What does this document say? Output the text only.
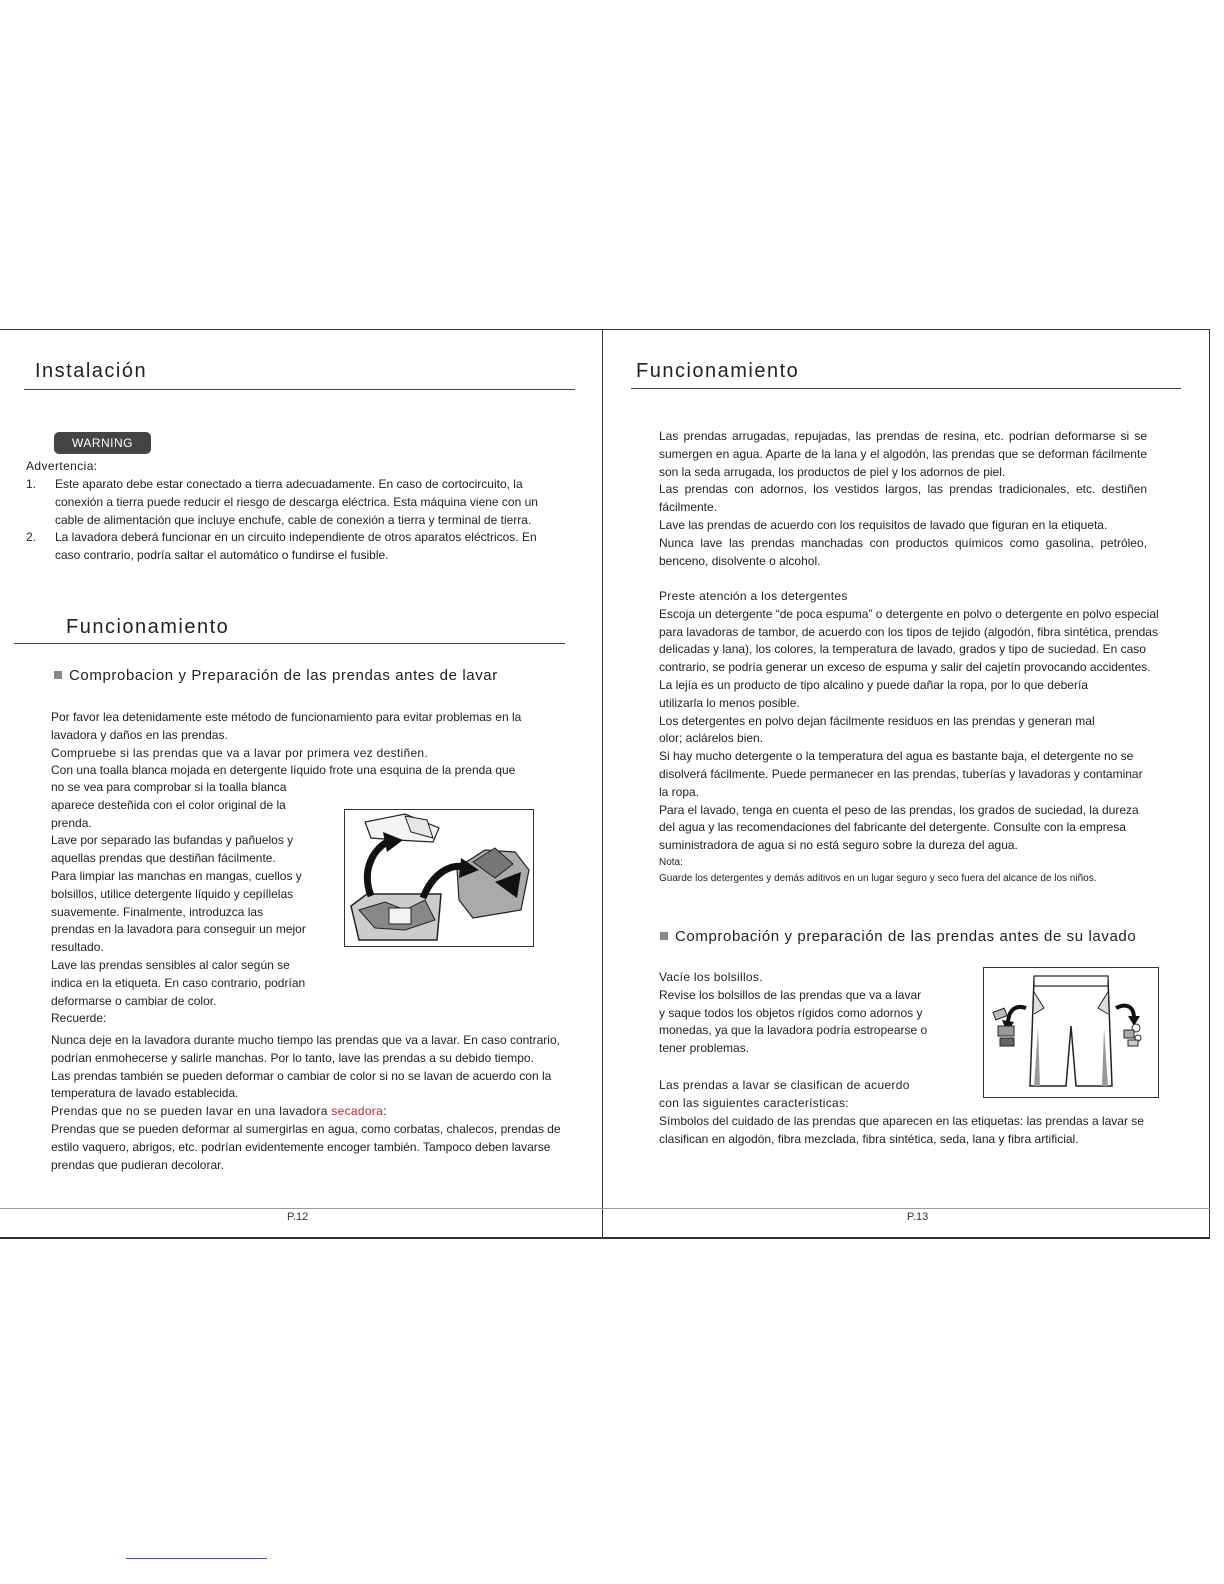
Instalación
WARNING
Advertencia:

1. Este aparato debe estar conectado a tierra adecuadamente. En caso de cortocircuito, la conexión a tierra puede reducir el riesgo de descarga eléctrica. Esta máquina viene con un cable de alimentación que incluye enchufe, cable de conexión a tierra y terminal de tierra.

2. La lavadora deberá funcionar en un circuito independiente de otros aparatos eléctricos. En caso contrario, podría saltar el automático o fundirse el fusible.

Funcionamiento
Comprobacion y Preparación de las prendas antes de lavar

Por favor lea detenidamente este método de funcionamiento para evitar problemas en la lavadora y daños en las prendas.

Compruebe si las prendas que va a lavar por primera vez destiñen.

Con una toalla blanca mojada en detergente líquido frote una esquina de la prenda que

no se vea para comprobar si la toalla blanca aparece desteñida con el color original de la prenda.

Lave por separado las bufandas y pañuelos y aquellas prendas que destiñan fácilmente.

Para limpiar las manchas en mangas, cuellos y bolsillos, utilice detergente líquido y cepíllelas suavemente. Finalmente, introduzca las prendas en la lavadora para conseguir un mejor resultado.

Lave las prendas sensibles al calor según se indica en la etiqueta. En caso contrario, podrían deformarse o cambiar de color.

Recuerde:

Nunca deje en la lavadora durante mucho tiempo las prendas que va a lavar. En caso contrario, podrían enmohecerse y salirle manchas. Por lo tanto, lave las prendas a su debido tiempo.

Las prendas también se pueden deformar o cambiar de color si no se lavan de acuerdo con la temperatura de lavado establecida.

Prendas que no se pueden lavar en una lavadora secadora:

Prendas que se pueden deformar al sumergirlas en agua, como corbatas, chalecos, prendas de estilo vaquero, abrigos, etc. podrían evidentemente encoger también. Tampoco deben lavarse prendas que pudieran decolorar.

P.12
Funcionamiento

Las prendas arrugadas, repujadas, las prendas de resina, etc. podrían deformarse si se sumergen en agua. Aparte de la lana y el algodón, las prendas que se deforman fácilmente son la seda arrugada, los productos de piel y los adornos de piel.

Las prendas con adornos, los vestidos largos, las prendas tradicionales, etc. destiñen fácilmente.

Lave las prendas de acuerdo con los requisitos de lavado que figuran en la etiqueta.

Nunca lave las prendas manchadas con productos químicos como gasolina, petróleo, benceno, disolvente o alcohol.

Preste atención a los detergentes

Escoja un detergente “de poca espuma” o detergente en polvo o detergente en polvo especial para lavadoras de tambor, de acuerdo con los tipos de tejido (algodón, fibra sintética, prendas delicadas y lana), los colores, la temperatura de lavado, grados y tipo de suciedad. En caso contrario, se podría generar un exceso de espuma y salir del cajetín provocando accidentes.

La lejía es un producto de tipo alcalino y puede dañar la ropa, por lo que debería utilizarla lo menos posible.

Los detergentes en polvo dejan fácilmente residuos en las prendas y generan mal olor; aclárelos bien.

Si hay mucho detergente o la temperatura del agua es bastante baja, el detergente no se disolverá fácilmente. Puede permanecer en las prendas, tuberías y lavadoras y contaminar la ropa.

Para el lavado, tenga en cuenta el peso de las prendas, los grados de suciedad, la dureza del agua y las recomendaciones del fabricante del detergente. Consulte con la empresa suministradora de agua si no está seguro sobre la dureza del agua.

Nota:

Guarde los detergentes y demás aditivos en un lugar seguro y seco fuera del alcance de los niños.

Comprobación y preparación de las prendas antes de su lavado

Vacíe los bolsillos.

Revise los bolsillos de las prendas que va a lavar y saque todos los objetos rígidos como adornos y monedas, ya que la lavadora podría estropearse o tener problemas.

Las prendas a lavar se clasifican de acuerdo

con las siguientes características:

Símbolos del cuidado de las prendas que aparecen en las etiquetas: las prendas a lavar se clasifican en algodón, fibra mezclada, fibra sintética, seda, lana y fibra artificial.

P.13
